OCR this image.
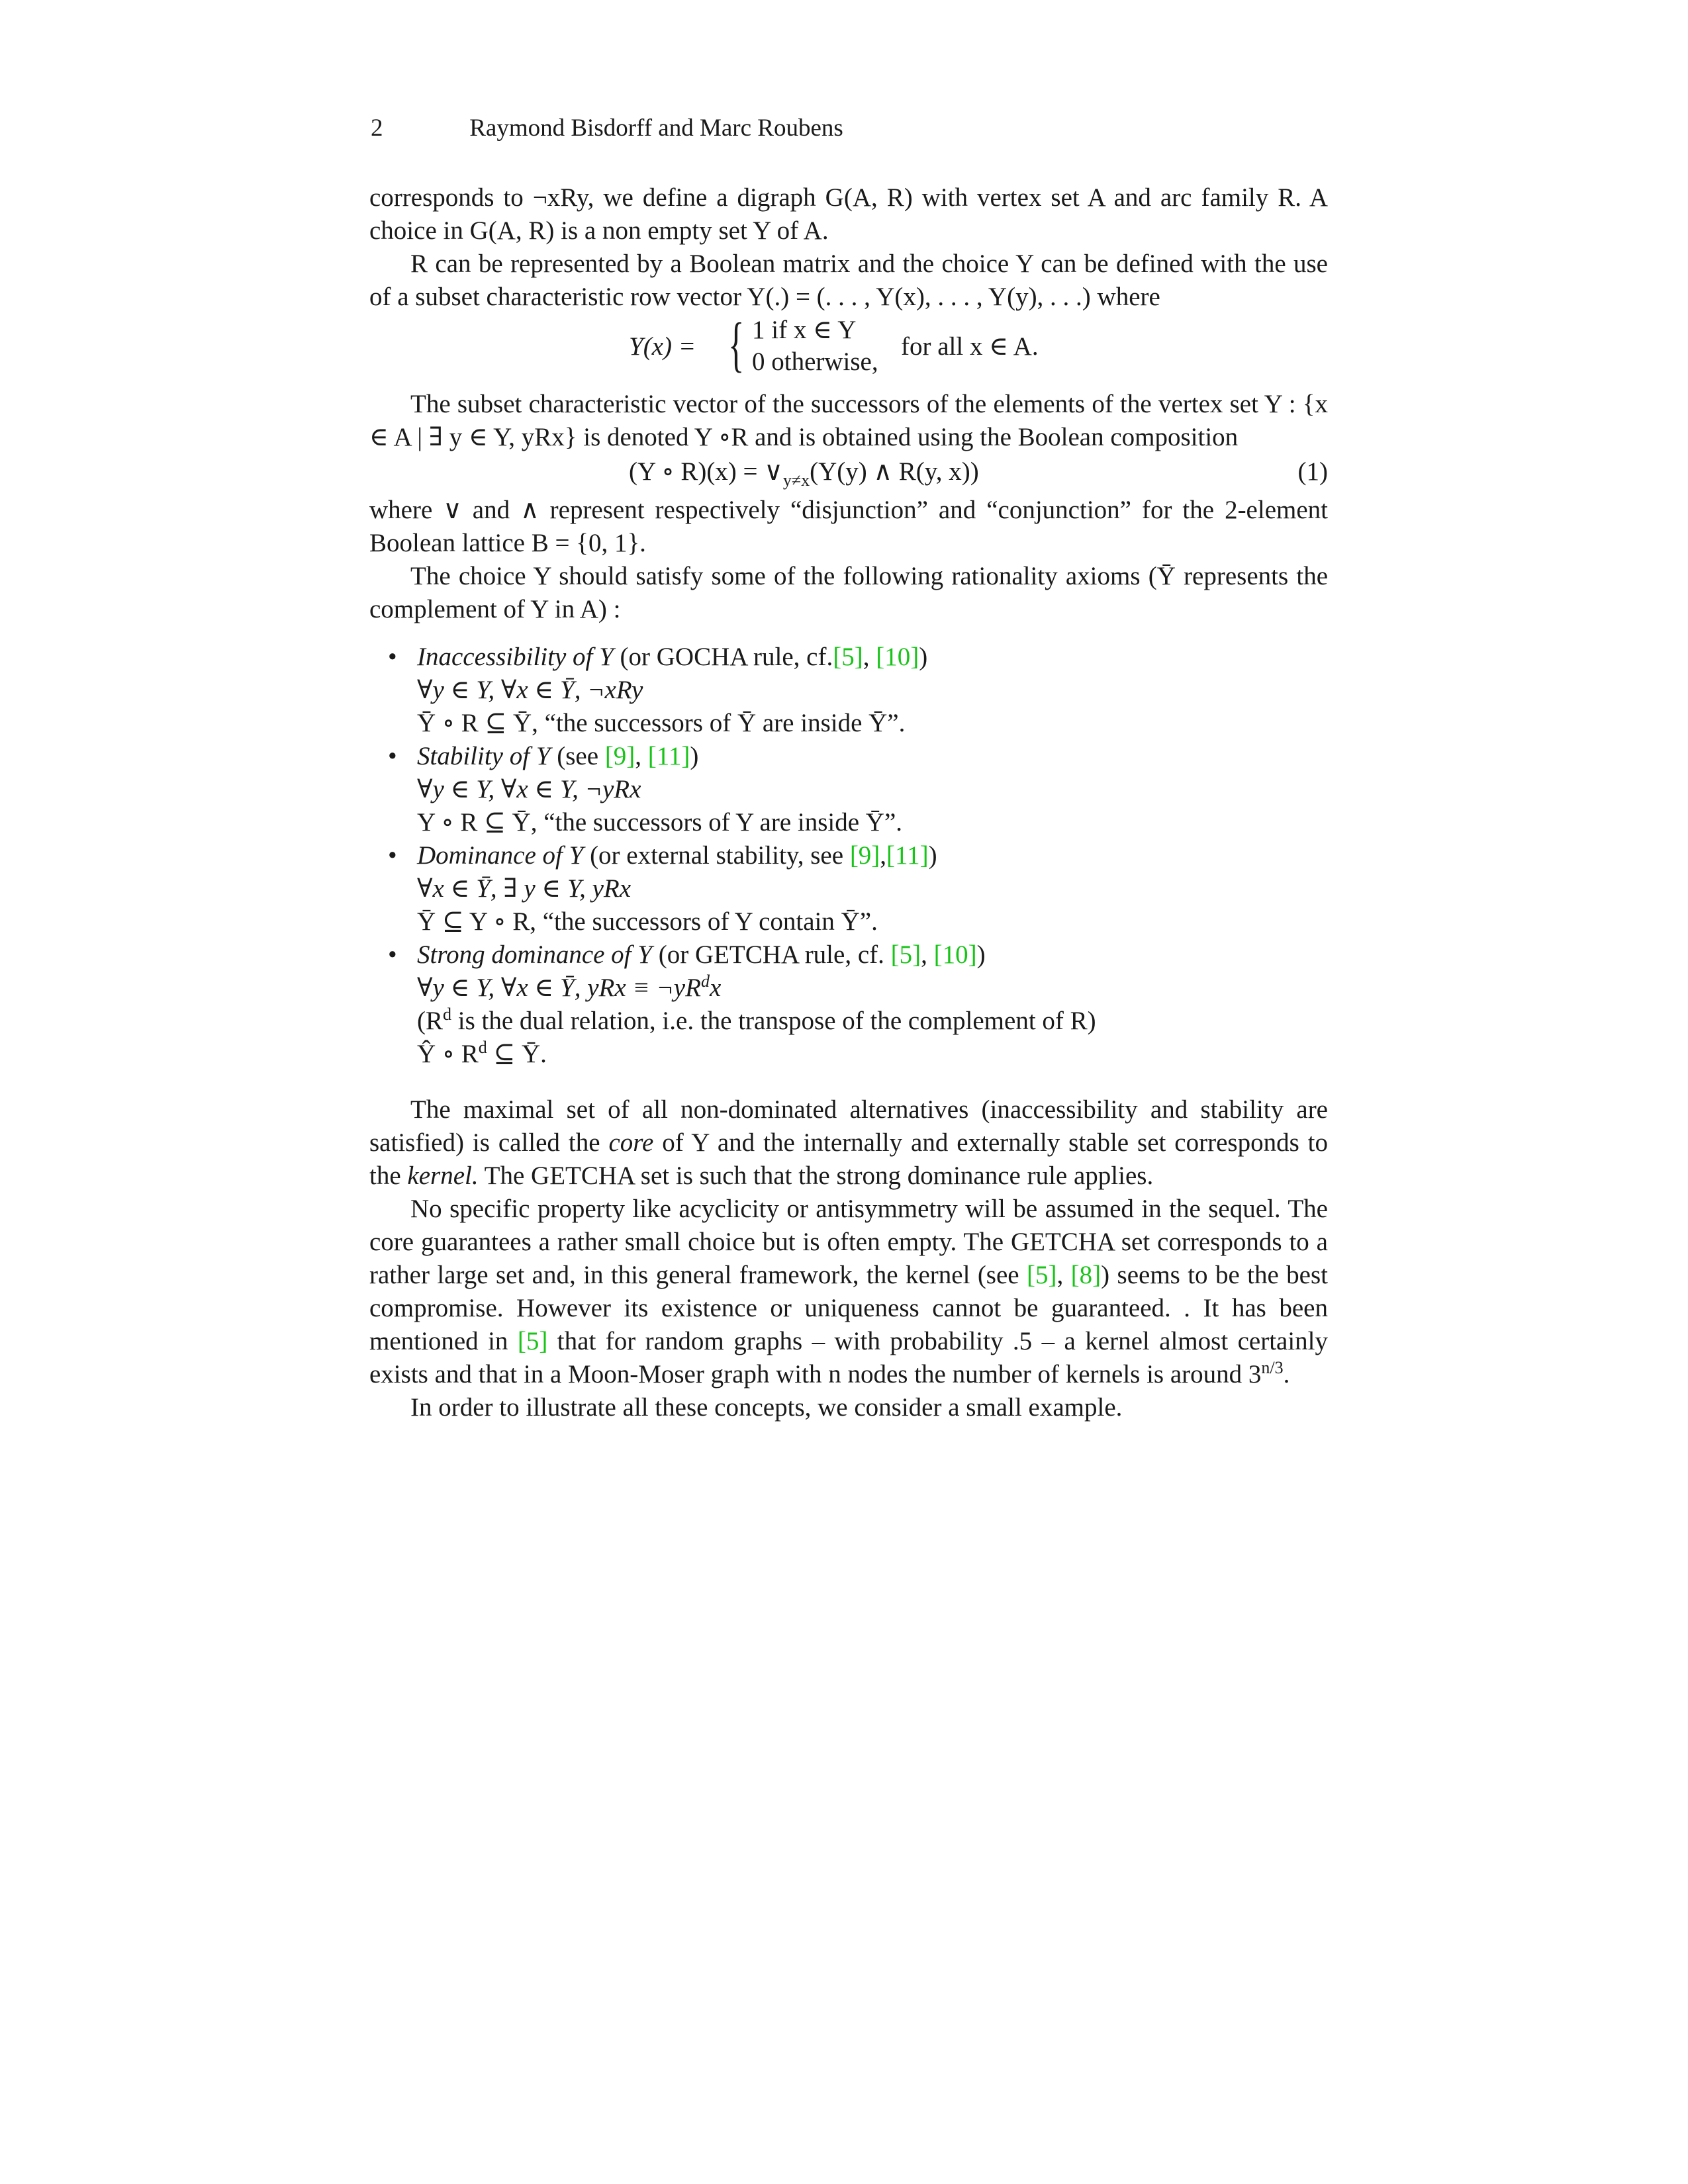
2	Raymond Bisdorff and Marc Roubens

corresponds to ¬xRy, we define a digraph G(A, R) with vertex set A and arc family R. A choice in G(A, R) is a non empty set Y of A.

R can be represented by a Boolean matrix and the choice Y can be defined with the use of a subset characteristic row vector Y(.) = (. . . , Y(x), . . . , Y(y), . . .) where

Y(x) = { 1 if x ∈ Y
0 otherwise,
for all x ∈ A.

The subset characteristic vector of the successors of the elements of the vertex set Y : {x ∈ A | ∃ y ∈ Y, yRx} is denoted Y ∘R and is obtained using the Boolean composition

(Y ∘ $R)(x) = \vee_{y\ne x}(Y(y)$ ∧ R(y, x))	(1)

where ∨ and ∧ represent respectively “disjunction” and “conjunction” for the 2-element Boolean lattice B = {0, 1}.

The choice Y should satisfy some of the following rationality axioms (Ȳ represents the complement of Y in A) :

• Inaccessibility of Y (or GOCHA rule, cf.[5], [10])
∀y ∈ Y, ∀x ∈ Ȳ, ¬xRy
Ȳ ∘ R ⊆ Ȳ, “the successors of Ȳ are inside Ȳ”.
• Stability of Y (see [9], [11])
∀y ∈ Y, ∀x ∈ Y, ¬yRx
Y ∘ R ⊆ Ȳ, “the successors of Y are inside Ȳ”.
• Dominance of Y (or external stability, see [9],[11])
∀x ∈ Ȳ, ∃ y ∈ Y, yRx
Ȳ ⊆ Y ∘ R, “the successors of Y contain Ȳ”.
• Strong dominance of Y (or GETCHA rule, cf. [5], [10])
∀y ∈ Y, ∀x ∈ Ȳ, yRx ≡ $\neg yR^dx$
($R^d$ is the dual relation, i.e. the transpose of the complement of R)
Ŷ ∘ $R^d$ ⊆ Ȳ.

The maximal set of all non-dominated alternatives (inaccessibility and stability are satisfied) is called the core of Y and the internally and externally stable set corresponds to the kernel. The GETCHA set is such that the strong dominance rule applies.

No specific property like acyclicity or antisymmetry will be assumed in the sequel. The core guarantees a rather small choice but is often empty. The GETCHA set corresponds to a rather large set and, in this general framework, the kernel (see [5], [8]) seems to be the best compromise. However its existence or uniqueness cannot be guaranteed. . It has been mentioned in [5] that for random graphs – with probability .5 – a kernel almost certainly exists and that in a Moon-Moser graph with n nodes the number of kernels is around $3^{n/3}$.

In order to illustrate all these concepts, we consider a small example.
